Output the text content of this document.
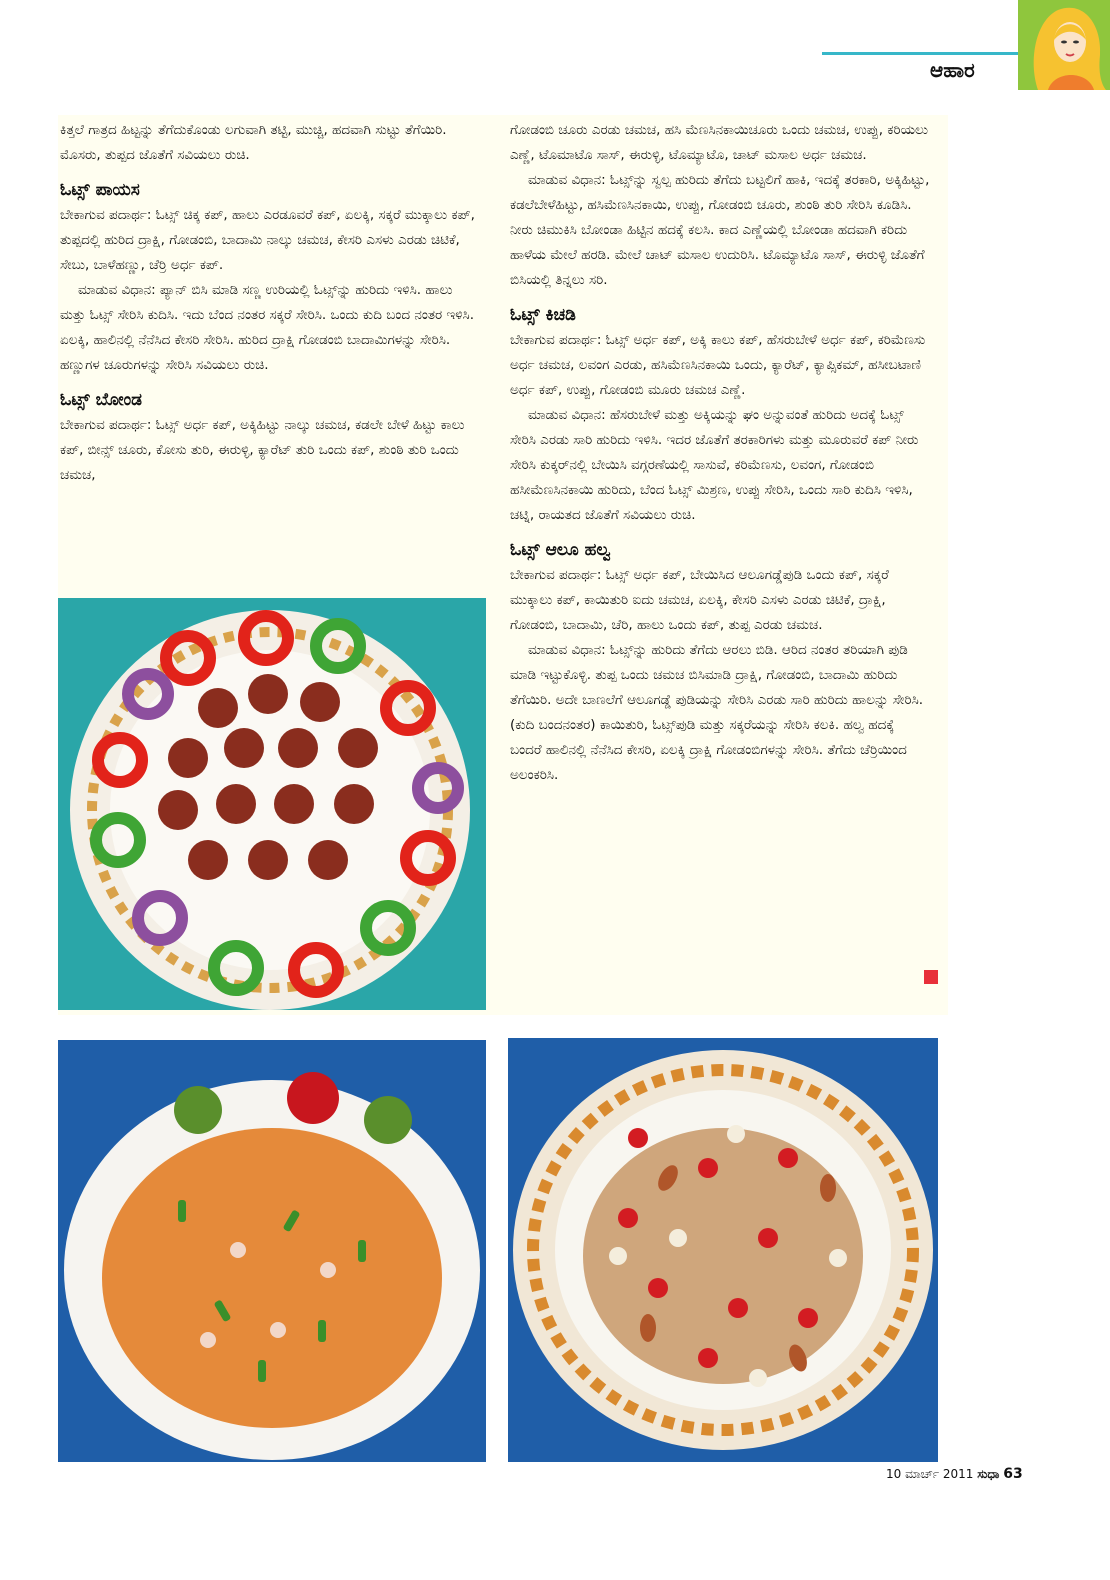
ಆಹಾರ

ಕಿತ್ತಲೆ ಗಾತ್ರದ ಹಿಟ್ಟನ್ನು ತೆಗೆದುಕೊಂಡು ಲಗುವಾಗಿ ತಟ್ಟಿ, ಮುಚ್ಚಿ, ಹದವಾಗಿ ಸುಟ್ಟು ತೆಗೆಯಿರಿ. ಮೊಸರು, ತುಪ್ಪದ ಜೊತೆಗೆ ಸವಿಯಲು ರುಚಿ.

ಓಟ್ಸ್ ಪಾಯಸ

ಬೇಕಾಗುವ ಪದಾರ್ಥ: ಓಟ್ಸ್ ಚಿಕ್ಕ ಕಪ್, ಹಾಲು ಎರಡೂವರೆ ಕಪ್, ಏಲಕ್ಕಿ, ಸಕ್ಕರೆ ಮುಕ್ಕಾಲು ಕಪ್, ತುಪ್ಪದಲ್ಲಿ ಹುರಿದ ದ್ರಾಕ್ಷಿ, ಗೋಡಂಬಿ, ಬಾದಾಮಿ ನಾಲ್ಕು ಚಮಚ, ಕೇಸರಿ ಎಸಳು ಎರಡು ಚಿಟಿಕೆ, ಸೇಬು, ಬಾಳೆಹಣ್ಣು, ಚೆರ್‍ರಿ ಅರ್ಧ ಕಪ್.

ಮಾಡುವ ವಿಧಾನ: ಪ್ಯಾನ್ ಬಿಸಿ ಮಾಡಿ ಸಣ್ಣ ಉರಿಯಲ್ಲಿ ಓಟ್ಸ್‌ನ್ನು ಹುರಿದು ಇಳಿಸಿ. ಹಾಲು ಮತ್ತು ಓಟ್ಸ್ ಸೇರಿಸಿ ಕುದಿಸಿ. ಇದು ಬೆಂದ ನಂತರ ಸಕ್ಕರೆ ಸೇರಿಸಿ. ಒಂದು ಕುದಿ ಬಂದ ನಂತರ ಇಳಿಸಿ. ಏಲಕ್ಕಿ, ಹಾಲಿನಲ್ಲಿ ನೆನೆಸಿದ ಕೇಸರಿ ಸೇರಿಸಿ. ಹುರಿದ ದ್ರಾಕ್ಷಿ ಗೋಡಂಬಿ ಬಾದಾಮಿಗಳನ್ನು ಸೇರಿಸಿ. ಹಣ್ಣುಗಳ ಚೂರುಗಳನ್ನು ಸೇರಿಸಿ ಸವಿಯಲು ರುಚಿ.

ಓಟ್ಸ್ ಬೋಂಡ

ಬೇಕಾಗುವ ಪದಾರ್ಥ: ಓಟ್ಸ್ ಅರ್ಧ ಕಪ್, ಅಕ್ಕಿಹಿಟ್ಟು ನಾಲ್ಕು ಚಮಚ, ಕಡಲೇ ಬೇಳೆ ಹಿಟ್ಟು ಕಾಲು ಕಪ್, ಬೀನ್ಸ್ ಚೂರು, ಕೋಸು ತುರಿ, ಈರುಳ್ಳಿ, ಕ್ಯಾರೆಟ್ ತುರಿ ಒಂದು ಕಪ್, ಶುಂಠಿ ತುರಿ ಒಂದು ಚಮಚ,

ಗೋಡಂಬಿ ಚೂರು ಎರಡು ಚಮಚ, ಹಸಿ ಮೆಣಸಿನಕಾಯಿಚೂರು ಒಂದು ಚಮಚ, ಉಪ್ಪು, ಕರಿಯಲು ಎಣ್ಣೆ, ಟೊಮಾಟೊ ಸಾಸ್, ಈರುಳ್ಳಿ, ಟೊಮ್ಯಾಟೊ, ಚಾಟ್ ಮಸಾಲ ಅರ್ಧ ಚಮಚ.

ಮಾಡುವ ವಿಧಾನ: ಓಟ್ಸ್‌ನ್ನು ಸ್ವಲ್ಪ ಹುರಿದು ತೆಗೆದು ಬಟ್ಟಲಿಗೆ ಹಾಕಿ, ಇದಕ್ಕೆ ತರಕಾರಿ, ಅಕ್ಕಿಹಿಟ್ಟು, ಕಡಲೆಬೇಳೆಹಿಟ್ಟು, ಹಸಿಮೆಣಸಿನಕಾಯಿ, ಉಪ್ಪು, ಗೋಡಂಬಿ ಚೂರು, ಶುಂಠಿ ತುರಿ ಸೇರಿಸಿ ಕೂಡಿಸಿ. ನೀರು ಚಿಮುಕಿಸಿ ಬೋಂಡಾ ಹಿಟ್ಟಿನ ಹದಕ್ಕೆ ಕಲಸಿ. ಕಾದ ಎಣ್ಣೆಯಲ್ಲಿ ಬೋಂಡಾ ಹದವಾಗಿ ಕರಿದು ಹಾಳೆಯ ಮೇಲೆ ಹರಡಿ. ಮೇಲೆ ಚಾಟ್ ಮಸಾಲ ಉದುರಿಸಿ. ಟೊಮ್ಯಾಟೊ ಸಾಸ್, ಈರುಳ್ಳಿ ಜೊತೆಗೆ ಬಿಸಿಯಲ್ಲಿ ತಿನ್ನಲು ಸರಿ.

ಓಟ್ಸ್ ಕಿಚಡಿ

ಬೇಕಾಗುವ ಪದಾರ್ಥ: ಓಟ್ಸ್ ಅರ್ಧ ಕಪ್, ಅಕ್ಕಿ ಕಾಲು ಕಪ್, ಹೆಸರುಬೇಳೆ ಅರ್ಧ ಕಪ್, ಕರಿಮೆಣಸು ಅರ್ಧ ಚಮಚ, ಲವಂಗ ಎರಡು, ಹಸಿಮೆಣಸಿನಕಾಯಿ ಒಂದು, ಕ್ಯಾರೆಟ್, ಕ್ಯಾಪ್ಸಿಕಮ್, ಹಸೀಬಟಾಣಿ ಅರ್ಧ ಕಪ್, ಉಪ್ಪು, ಗೋಡಂಬಿ ಮೂರು ಚಮಚ ಎಣ್ಣೆ.

ಮಾಡುವ ವಿಧಾನ: ಹೆಸರುಬೇಳೆ ಮತ್ತು ಅಕ್ಕಿಯನ್ನು ಘಂ ಅನ್ನುವಂತೆ ಹುರಿದು ಅದಕ್ಕೆ ಓಟ್ಸ್ ಸೇರಿಸಿ ಎರಡು ಸಾರಿ ಹುರಿದು ಇಳಿಸಿ. ಇದರ ಜೊತೆಗೆ ತರಕಾರಿಗಳು ಮತ್ತು ಮೂರುವರೆ ಕಪ್ ನೀರು ಸೇರಿಸಿ ಕುಕ್ಕರ್‌ನಲ್ಲಿ ಬೇಯಿಸಿ ವಗ್ಗರಣೆಯಲ್ಲಿ ಸಾಸುವೆ, ಕರಿಮೆಣಸು, ಲವಂಗ, ಗೋಡಂಬಿ ಹಸೀಮೆಣಸಿನಕಾಯಿ ಹುರಿದು, ಬೆಂದ ಓಟ್ಸ್ ಮಿಶ್ರಣ, ಉಪ್ಪು ಸೇರಿಸಿ, ಒಂದು ಸಾರಿ ಕುದಿಸಿ ಇಳಿಸಿ, ಚಟ್ನಿ, ರಾಯತದ ಜೊತೆಗೆ ಸವಿಯಲು ರುಚಿ.

ಓಟ್ಸ್ ಆಲೂ ಹಲ್ವ

ಬೇಕಾಗುವ ಪದಾರ್ಥ: ಓಟ್ಸ್ ಅರ್ಧ ಕಪ್, ಬೇಯಿಸಿದ ಆಲೂಗಡ್ಡೆಪುಡಿ ಒಂದು ಕಪ್, ಸಕ್ಕರೆ ಮುಕ್ಕಾಲು ಕಪ್, ಕಾಯಿತುರಿ ಐದು ಚಮಚ, ಏಲಕ್ಕಿ, ಕೇಸರಿ ಎಸಳು ಎರಡು ಚಿಟಿಕೆ, ದ್ರಾಕ್ಷಿ, ಗೋಡಂಬಿ, ಬಾದಾಮಿ, ಚೆರಿ, ಹಾಲು ಒಂದು ಕಪ್, ತುಪ್ಪ ಎರಡು ಚಮಚ.

ಮಾಡುವ ವಿಧಾನ: ಓಟ್ಸ್‌ನ್ನು ಹುರಿದು ತೆಗೆದು ಆರಲು ಬಿಡಿ. ಆರಿದ ನಂತರ ತರಿಯಾಗಿ ಪುಡಿ ಮಾಡಿ ಇಟ್ಟುಕೊಳ್ಳಿ. ತುಪ್ಪ ಒಂದು ಚಮಚ ಬಿಸಿಮಾಡಿ ದ್ರಾಕ್ಷಿ, ಗೋಡಂಬಿ, ಬಾದಾಮಿ ಹುರಿದು ತೆಗೆಯಿರಿ. ಅದೇ ಬಾಣಲೆಗೆ ಆಲೂಗಡ್ಡೆ ಪುಡಿಯನ್ನು ಸೇರಿಸಿ ಎರಡು ಸಾರಿ ಹುರಿದು ಹಾಲನ್ನು ಸೇರಿಸಿ. (ಕುದಿ ಬಂದನಂತರ) ಕಾಯಿತುರಿ, ಓಟ್ಸ್‌ಪುಡಿ ಮತ್ತು ಸಕ್ಕರೆಯನ್ನು ಸೇರಿಸಿ ಕಲಕಿ. ಹಲ್ವ ಹದಕ್ಕೆ ಬಂದರೆ ಹಾಲಿನಲ್ಲಿ ನೆನೆಸಿದ ಕೇಸರಿ, ಏಲಕ್ಕಿ ದ್ರಾಕ್ಷಿ ಗೋಡಂಬಿಗಳನ್ನು ಸೇರಿಸಿ. ತೆಗೆದು ಚೆರ್‍ರಿಯಿಂದ ಅಲಂಕರಿಸಿ.

10 ಮಾರ್ಚ್ 2011 ಸುಧಾ 63
